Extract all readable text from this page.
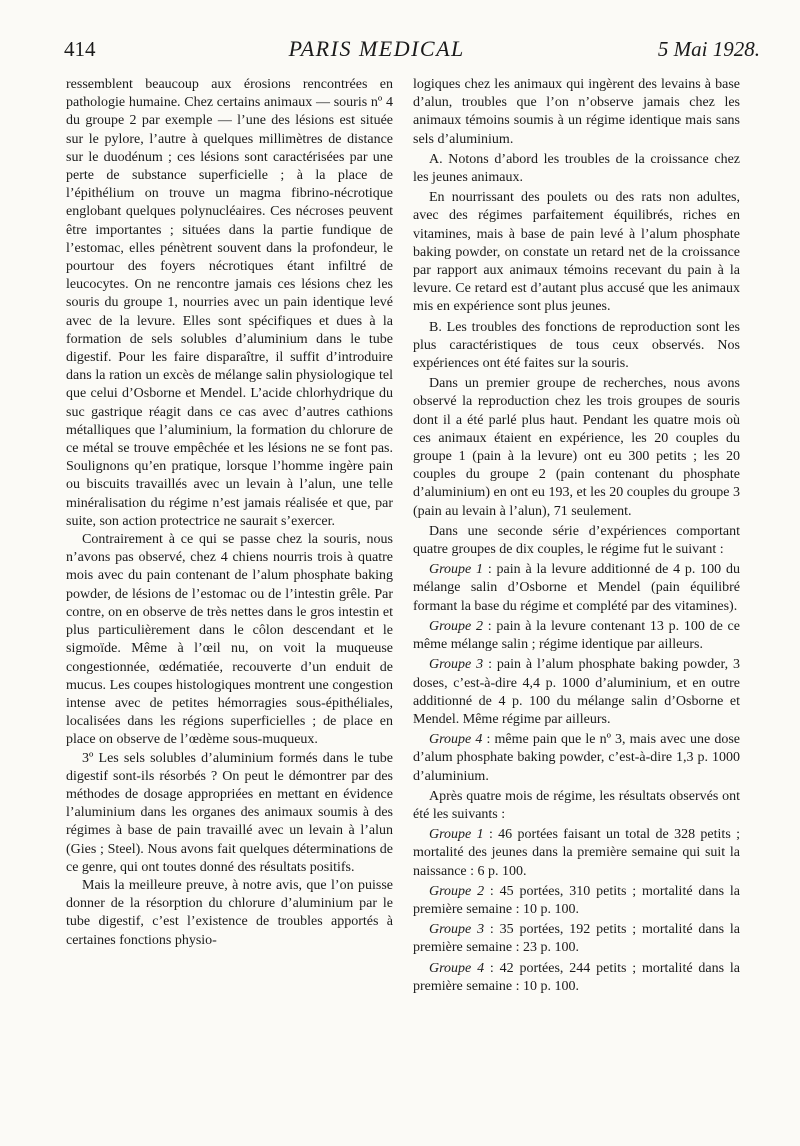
414	PARIS MEDICAL	5 Mai 1928.

ressemblent beaucoup aux érosions rencontrées en pathologie humaine. Chez certains animaux — souris nº 4 du groupe 2 par exemple — l’une des lésions est située sur le pylore, l’autre à quelques millimètres de distance sur le duodénum ; ces lésions sont caractérisées par une perte de substance superficielle ; à la place de l’épithélium on trouve un magma fibrino-nécrotique englobant quelques polynucléaires. Ces nécroses peuvent être importantes ; situées dans la partie fundique de l’estomac, elles pénètrent souvent dans la profondeur, le pourtour des foyers nécrotiques étant infiltré de leucocytes. On ne rencontre jamais ces lésions chez les souris du groupe 1, nourries avec un pain identique levé avec de la levure. Elles sont spécifiques et dues à la formation de sels solubles d’aluminium dans le tube digestif. Pour les faire disparaître, il suffit d’introduire dans la ration un excès de mélange salin physiologique tel que celui d’Osborne et Mendel. L’acide chlorhydrique du suc gastrique réagit dans ce cas avec d’autres cathions métalliques que l’aluminium, la formation du chlorure de ce métal se trouve empêchée et les lésions ne se font pas. Soulignons qu’en pratique, lorsque l’homme ingère pain ou biscuits travaillés avec un levain à l’alun, une telle minéralisation du régime n’est jamais réalisée et que, par suite, son action protectrice ne saurait s’exercer.

Contrairement à ce qui se passe chez la souris, nous n’avons pas observé, chez 4 chiens nourris trois à quatre mois avec du pain contenant de l’alum phosphate baking powder, de lésions de l’estomac ou de l’intestin grêle. Par contre, on en observe de très nettes dans le gros intestin et plus particulièrement dans le côlon descendant et le sigmoïde. Même à l’œil nu, on voit la muqueuse congestionnée, œdématiée, recouverte d’un enduit de mucus. Les coupes histologiques montrent une congestion intense avec de petites hémorragies sous-épithéliales, localisées dans les régions superficielles ; de place en place on observe de l’œdème sous-muqueux.

3º Les sels solubles d’aluminium formés dans le tube digestif sont-ils résorbés ? On peut le démontrer par des méthodes de dosage appropriées en mettant en évidence l’aluminium dans les organes des animaux soumis à des régimes à base de pain travaillé avec un levain à l’alun (Gies ; Steel). Nous avons fait quelques déterminations de ce genre, qui ont toutes donné des résultats positifs.

Mais la meilleure preuve, à notre avis, que l’on puisse donner de la résorption du chlorure d’aluminium par le tube digestif, c’est l’existence de troubles apportés à certaines fonctions physio-

logiques chez les animaux qui ingèrent des levains à base d’alun, troubles que l’on n’observe jamais chez les animaux témoins soumis à un régime identique mais sans sels d’aluminium.

A. Notons d’abord les troubles de la croissance chez les jeunes animaux.

En nourrissant des poulets ou des rats non adultes, avec des régimes parfaitement équilibrés, riches en vitamines, mais à base de pain levé à l’alum phosphate baking powder, on constate un retard net de la croissance par rapport aux animaux témoins recevant du pain à la levure. Ce retard est d’autant plus accusé que les animaux mis en expérience sont plus jeunes.

B. Les troubles des fonctions de reproduction sont les plus caractéristiques de tous ceux observés. Nos expériences ont été faites sur la souris.

Dans un premier groupe de recherches, nous avons observé la reproduction chez les trois groupes de souris dont il a été parlé plus haut. Pendant les quatre mois où ces animaux étaient en expérience, les 20 couples du groupe 1 (pain à la levure) ont eu 300 petits ; les 20 couples du groupe 2 (pain contenant du phosphate d’aluminium) en ont eu 193, et les 20 couples du groupe 3 (pain au levain à l’alun), 71 seulement.

Dans une seconde série d’expériences comportant quatre groupes de dix couples, le régime fut le suivant :

Groupe 1 : pain à la levure additionné de 4 p. 100 du mélange salin d’Osborne et Mendel (pain équilibré formant la base du régime et complété par des vitamines).

Groupe 2 : pain à la levure contenant 13 p. 100 de ce même mélange salin ; régime identique par ailleurs.

Groupe 3 : pain à l’alum phosphate baking powder, 3 doses, c’est-à-dire 4,4 p. 1000 d’aluminium, et en outre additionné de 4 p. 100 du mélange salin d’Osborne et Mendel. Même régime par ailleurs.

Groupe 4 : même pain que le nº 3, mais avec une dose d’alum phosphate baking powder, c’est-à-dire 1,3 p. 1000 d’aluminium.

Après quatre mois de régime, les résultats observés ont été les suivants :

Groupe 1 : 46 portées faisant un total de 328 petits ; mortalité des jeunes dans la première semaine qui suit la naissance : 6 p. 100.

Groupe 2 : 45 portées, 310 petits ; mortalité dans la première semaine : 10 p. 100.

Groupe 3 : 35 portées, 192 petits ; mortalité dans la première semaine : 23 p. 100.

Groupe 4 : 42 portées, 244 petits ; mortalité dans la première semaine : 10 p. 100.
